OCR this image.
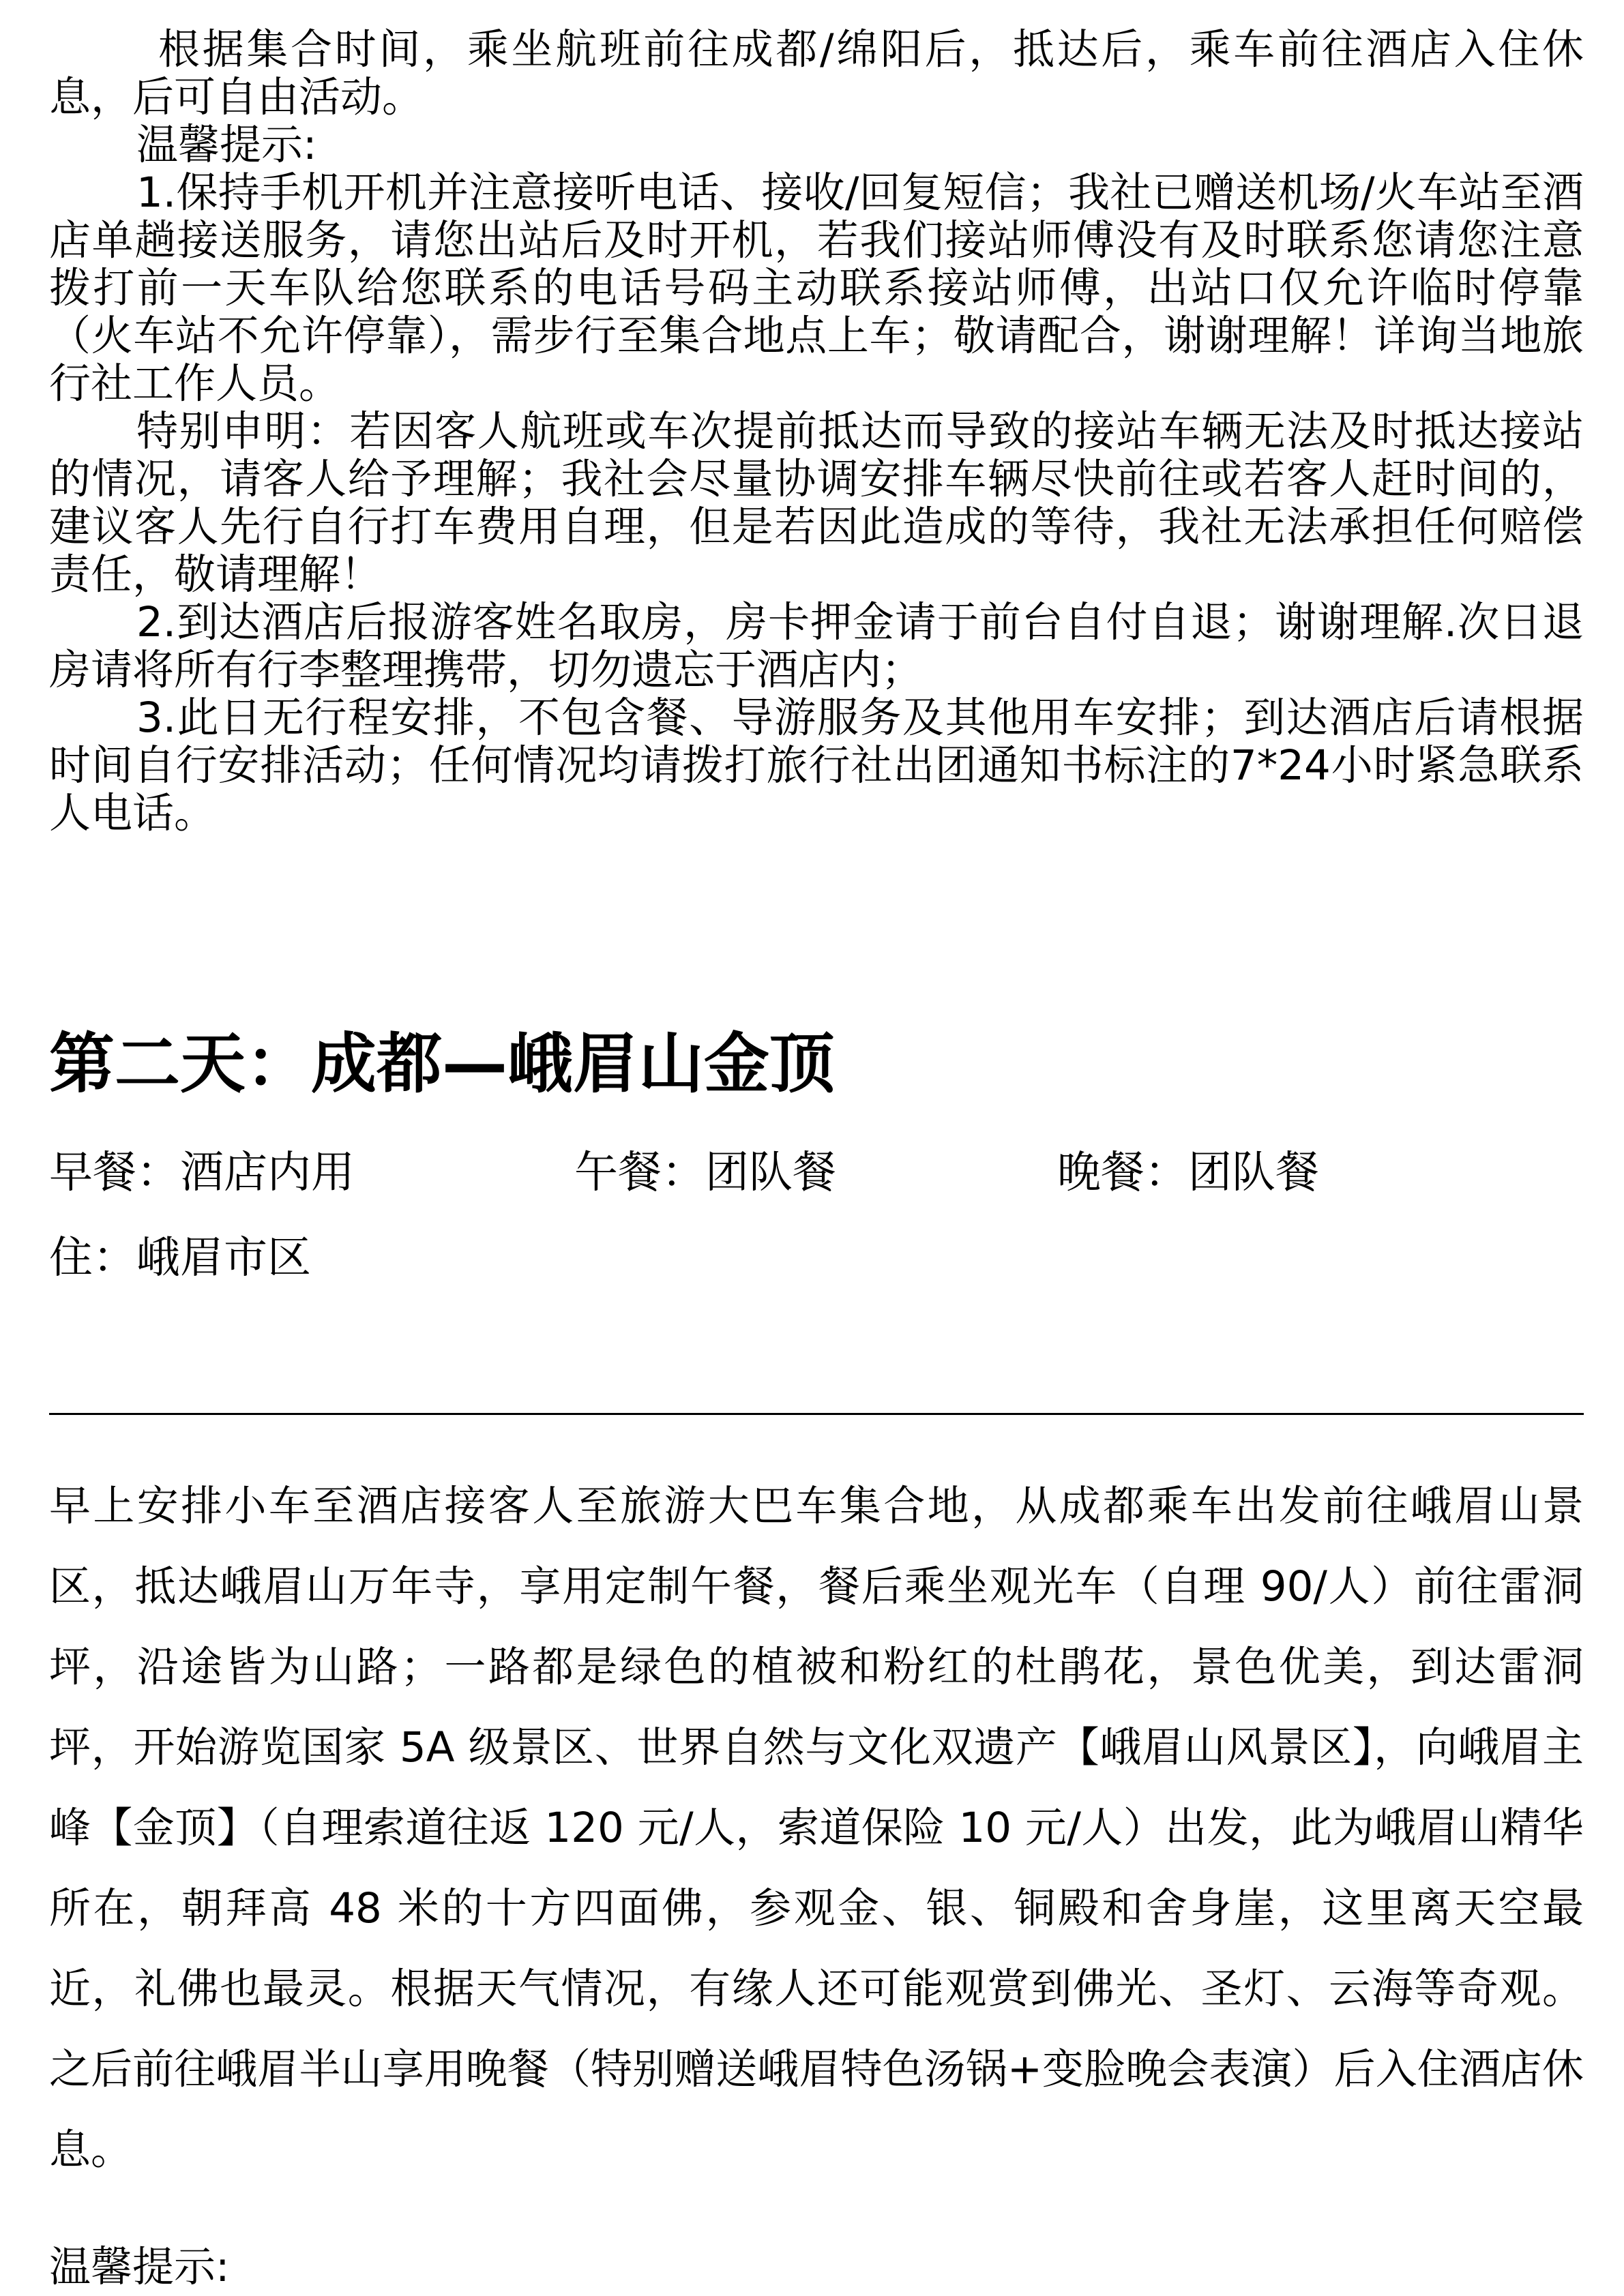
根据集合时间，乘坐航班前往成都/绵阳后，抵达后，乘车前往酒店入住休息，后可自由活动。

温馨提示:

1.保持手机开机并注意接听电话、接收/回复短信；我社已赠送机场/火车站至酒店单趟接送服务，请您出站后及时开机，若我们接站师傅没有及时联系您请您注意拨打前一天车队给您联系的电话号码主动联系接站师傅，出站口仅允许临时停靠（火车站不允许停靠），需步行至集合地点上车；敬请配合，谢谢理解！详询当地旅行社工作人员。

特别申明：若因客人航班或车次提前抵达而导致的接站车辆无法及时抵达接站的情况，请客人给予理解；我社会尽量协调安排车辆尽快前往或若客人赶时间的，建议客人先行自行打车费用自理，但是若因此造成的等待，我社无法承担任何赔偿责任，敬请理解！

2.到达酒店后报游客姓名取房，房卡押金请于前台自付自退；谢谢理解.次日退房请将所有行李整理携带，切勿遗忘于酒店内；

3.此日无行程安排，不包含餐、导游服务及其他用车安排；到达酒店后请根据时间自行安排活动；任何情况均请拨打旅行社出团通知书标注的7*24小时紧急联系人电话。

第二天：成都—峨眉山金顶
早餐：酒店内用	午餐：团队餐	晚餐：团队餐

住：峨眉市区

早上安排小车至酒店接客人至旅游大巴车集合地，从成都乘车出发前往峨眉山景区，抵达峨眉山万年寺，享用定制午餐，餐后乘坐观光车（自理 90/人）前往雷洞坪，沿途皆为山路；一路都是绿色的植被和粉红的杜鹃花，景色优美，到达雷洞坪，开始游览国家 5A 级景区、世界自然与文化双遗产【峨眉山风景区】，向峨眉主峰【金顶】（自理索道往返 120 元/人，索道保险 10 元/人）出发，此为峨眉山精华所在，朝拜高 48 米的十方四面佛，参观金、银、铜殿和舍身崖，这里离天空最近，礼佛也最灵。根据天气情况，有缘人还可能观赏到佛光、圣灯、云海等奇观。之后前往峨眉半山享用晚餐（特别赠送峨眉特色汤锅+变脸晚会表演）后入住酒店休息。

温馨提示:
